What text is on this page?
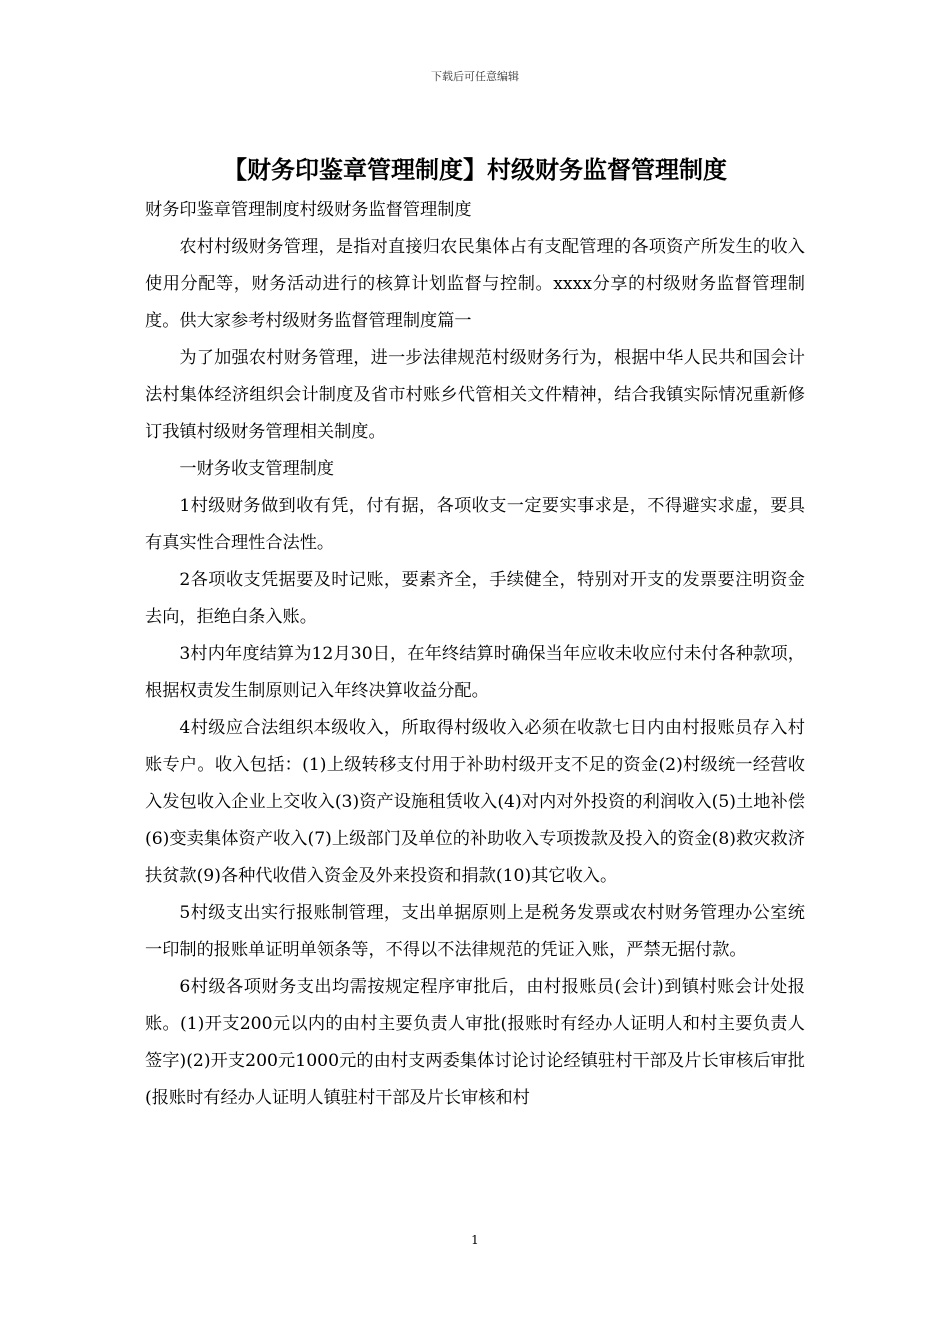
下载后可任意编辑
【财务印鉴章管理制度】村级财务监督管理制度

财务印鉴章管理制度村级财务监督管理制度

农村村级财务管理，是指对直接归农民集体占有支配管理的各项资产所发生的收入使用分配等，财务活动进行的核算计划监督与控制。xxxx分享的村级财务监督管理制度。供大家参考村级财务监督管理制度篇一

为了加强农村财务管理，进一步法律规范村级财务行为，根据中华人民共和国会计法村集体经济组织会计制度及省市村账乡代管相关文件精神，结合我镇实际情况重新修订我镇村级财务管理相关制度。

一财务收支管理制度

1村级财务做到收有凭，付有据，各项收支一定要实事求是，不得避实求虚，要具有真实性合理性合法性。

2各项收支凭据要及时记账，要素齐全，手续健全，特别对开支的发票要注明资金去向，拒绝白条入账。

3村内年度结算为12月30日，在年终结算时确保当年应收未收应付未付各种款项，根据权责发生制原则记入年终决算收益分配。

4村级应合法组织本级收入，所取得村级收入必须在收款七日内由村报账员存入村账专户。收入包括：(1)上级转移支付用于补助村级开支不足的资金(2)村级统一经营收入发包收入企业上交收入(3)资产设施租赁收入(4)对内对外投资的利润收入(5)土地补偿(6)变卖集体资产收入(7)上级部门及单位的补助收入专项拨款及投入的资金(8)救灾救济扶贫款(9)各种代收借入资金及外来投资和捐款(10)其它收入。

5村级支出实行报账制管理，支出单据原则上是税务发票或农村财务管理办公室统一印制的报账单证明单领条等，不得以不法律规范的凭证入账，严禁无据付款。

6村级各项财务支出均需按规定程序审批后，由村报账员(会计)到镇村账会计处报账。(1)开支200元以内的由村主要负责人审批(报账时有经办人证明人和村主要负责人签字)(2)开支200元1000元的由村支两委集体讨论讨论经镇驻村干部及片长审核后审批(报账时有经办人证明人镇驻村干部及片长审核和村

1
